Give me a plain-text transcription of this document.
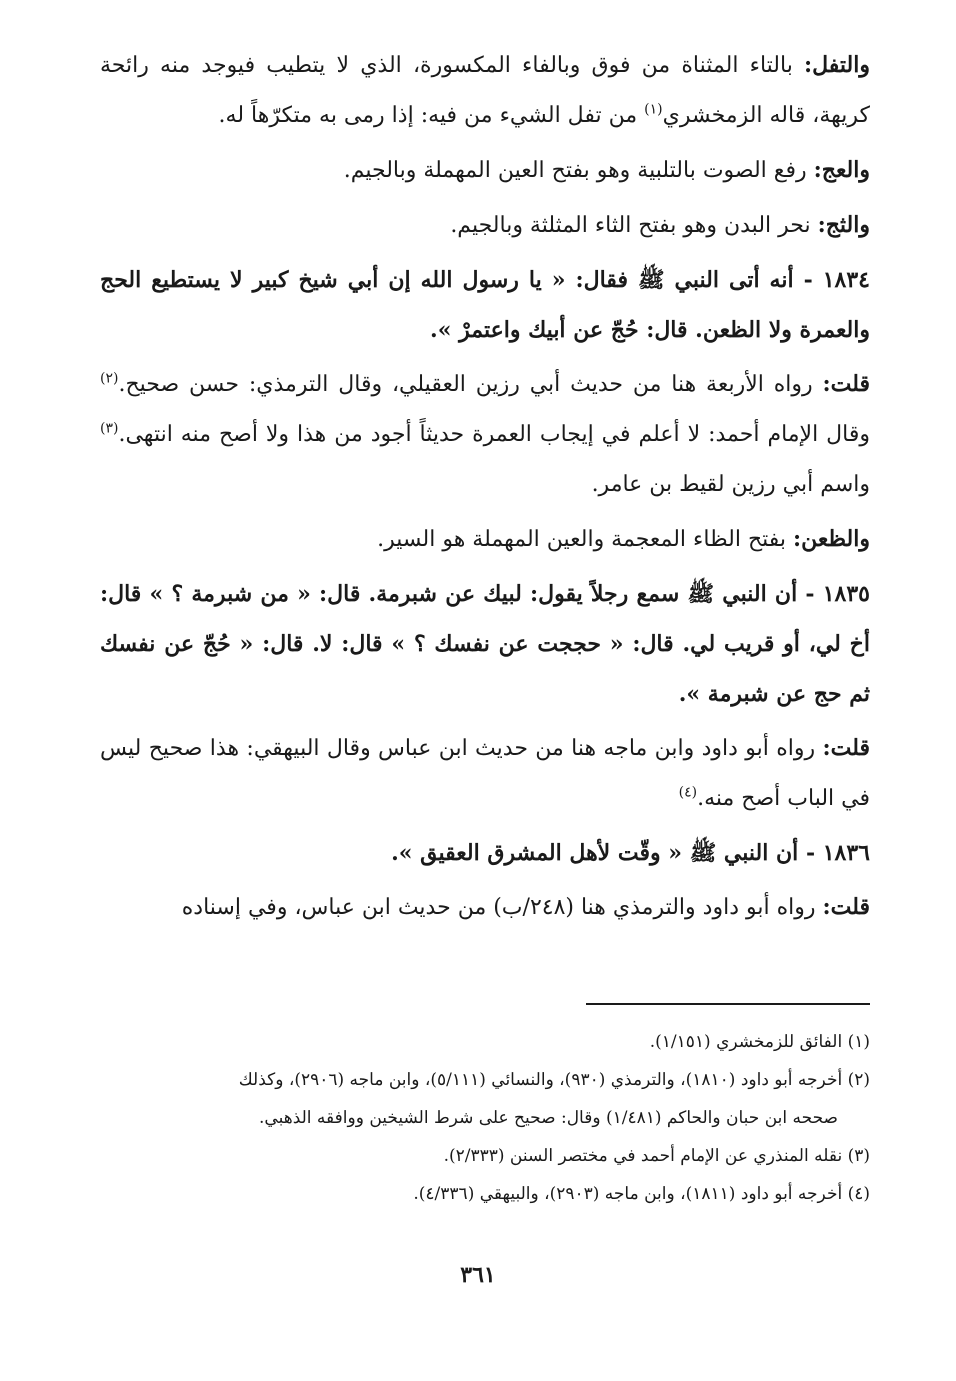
والتفل: بالتاء المثناة من فوق وبالفاء المكسورة، الذي لا يتطيب فيوجد منه رائحة كريهة، قاله الزمخشري$^{(١)}$ من تفل الشيء من فيه: إذا رمى به متكرّهاً له.

والعج: رفع الصوت بالتلبية وهو بفتح العين المهملة وبالجيم.

والثج: نحر البدن وهو بفتح الثاء المثلثة وبالجيم.

١٨٣٤ - أنه أتى النبي ﷺ فقال: « يا رسول الله إن أبي شيخ كبير لا يستطيع الحج والعمرة ولا الظعن. قال: حُجّ عن أبيك واعتمرْ ».

قلت: رواه الأربعة هنا من حديث أبي رزين العقيلي، وقال الترمذي: حسن صحيح.$^{(٢)}$ وقال الإمام أحمد: لا أعلم في إيجاب العمرة حديثاً أجود من هذا ولا أصح منه انتهى.$^{(٣)}$ واسم أبي رزين لقيط بن عامر.

والظعن: بفتح الظاء المعجمة والعين المهملة هو السير.

١٨٣٥ - أن النبي ﷺ سمع رجلاً يقول: لبيك عن شبرمة. قال: « من شبرمة ؟ » قال: أخ لي، أو قريب لي. قال: « حججت عن نفسك ؟ » قال: لا. قال: « حُجّ عن نفسك ثم حج عن شبرمة ».

قلت: رواه أبو داود وابن ماجه هنا من حديث ابن عباس وقال البيهقي: هذا صحيح ليس في الباب أصح منه.$^{(٤)}$

١٨٣٦ - أن النبي ﷺ « وقّت لأهل المشرق العقيق ».

قلت: رواه أبو داود والترمذي هنا (٢٤٨/ب) من حديث ابن عباس، وفي إسناده

(١) الفائق للزمخشري (١/١٥١).

(٢) أخرجه أبو داود (١٨١٠)، والترمذي (٩٣٠)، والنسائي (٥/١١١)، وابن ماجه (٢٩٠٦)، وكذلك

صححه ابن حبان والحاكم (١/٤٨١) وقال: صحيح على شرط الشيخين ووافقه الذهبي.

(٣) نقله المنذري عن الإمام أحمد في مختصر السنن (٢/٣٣٣).

(٤) أخرجه أبو داود (١٨١١)، وابن ماجه (٢٩٠٣)، والبيهقي (٤/٣٣٦).

٣٦١
